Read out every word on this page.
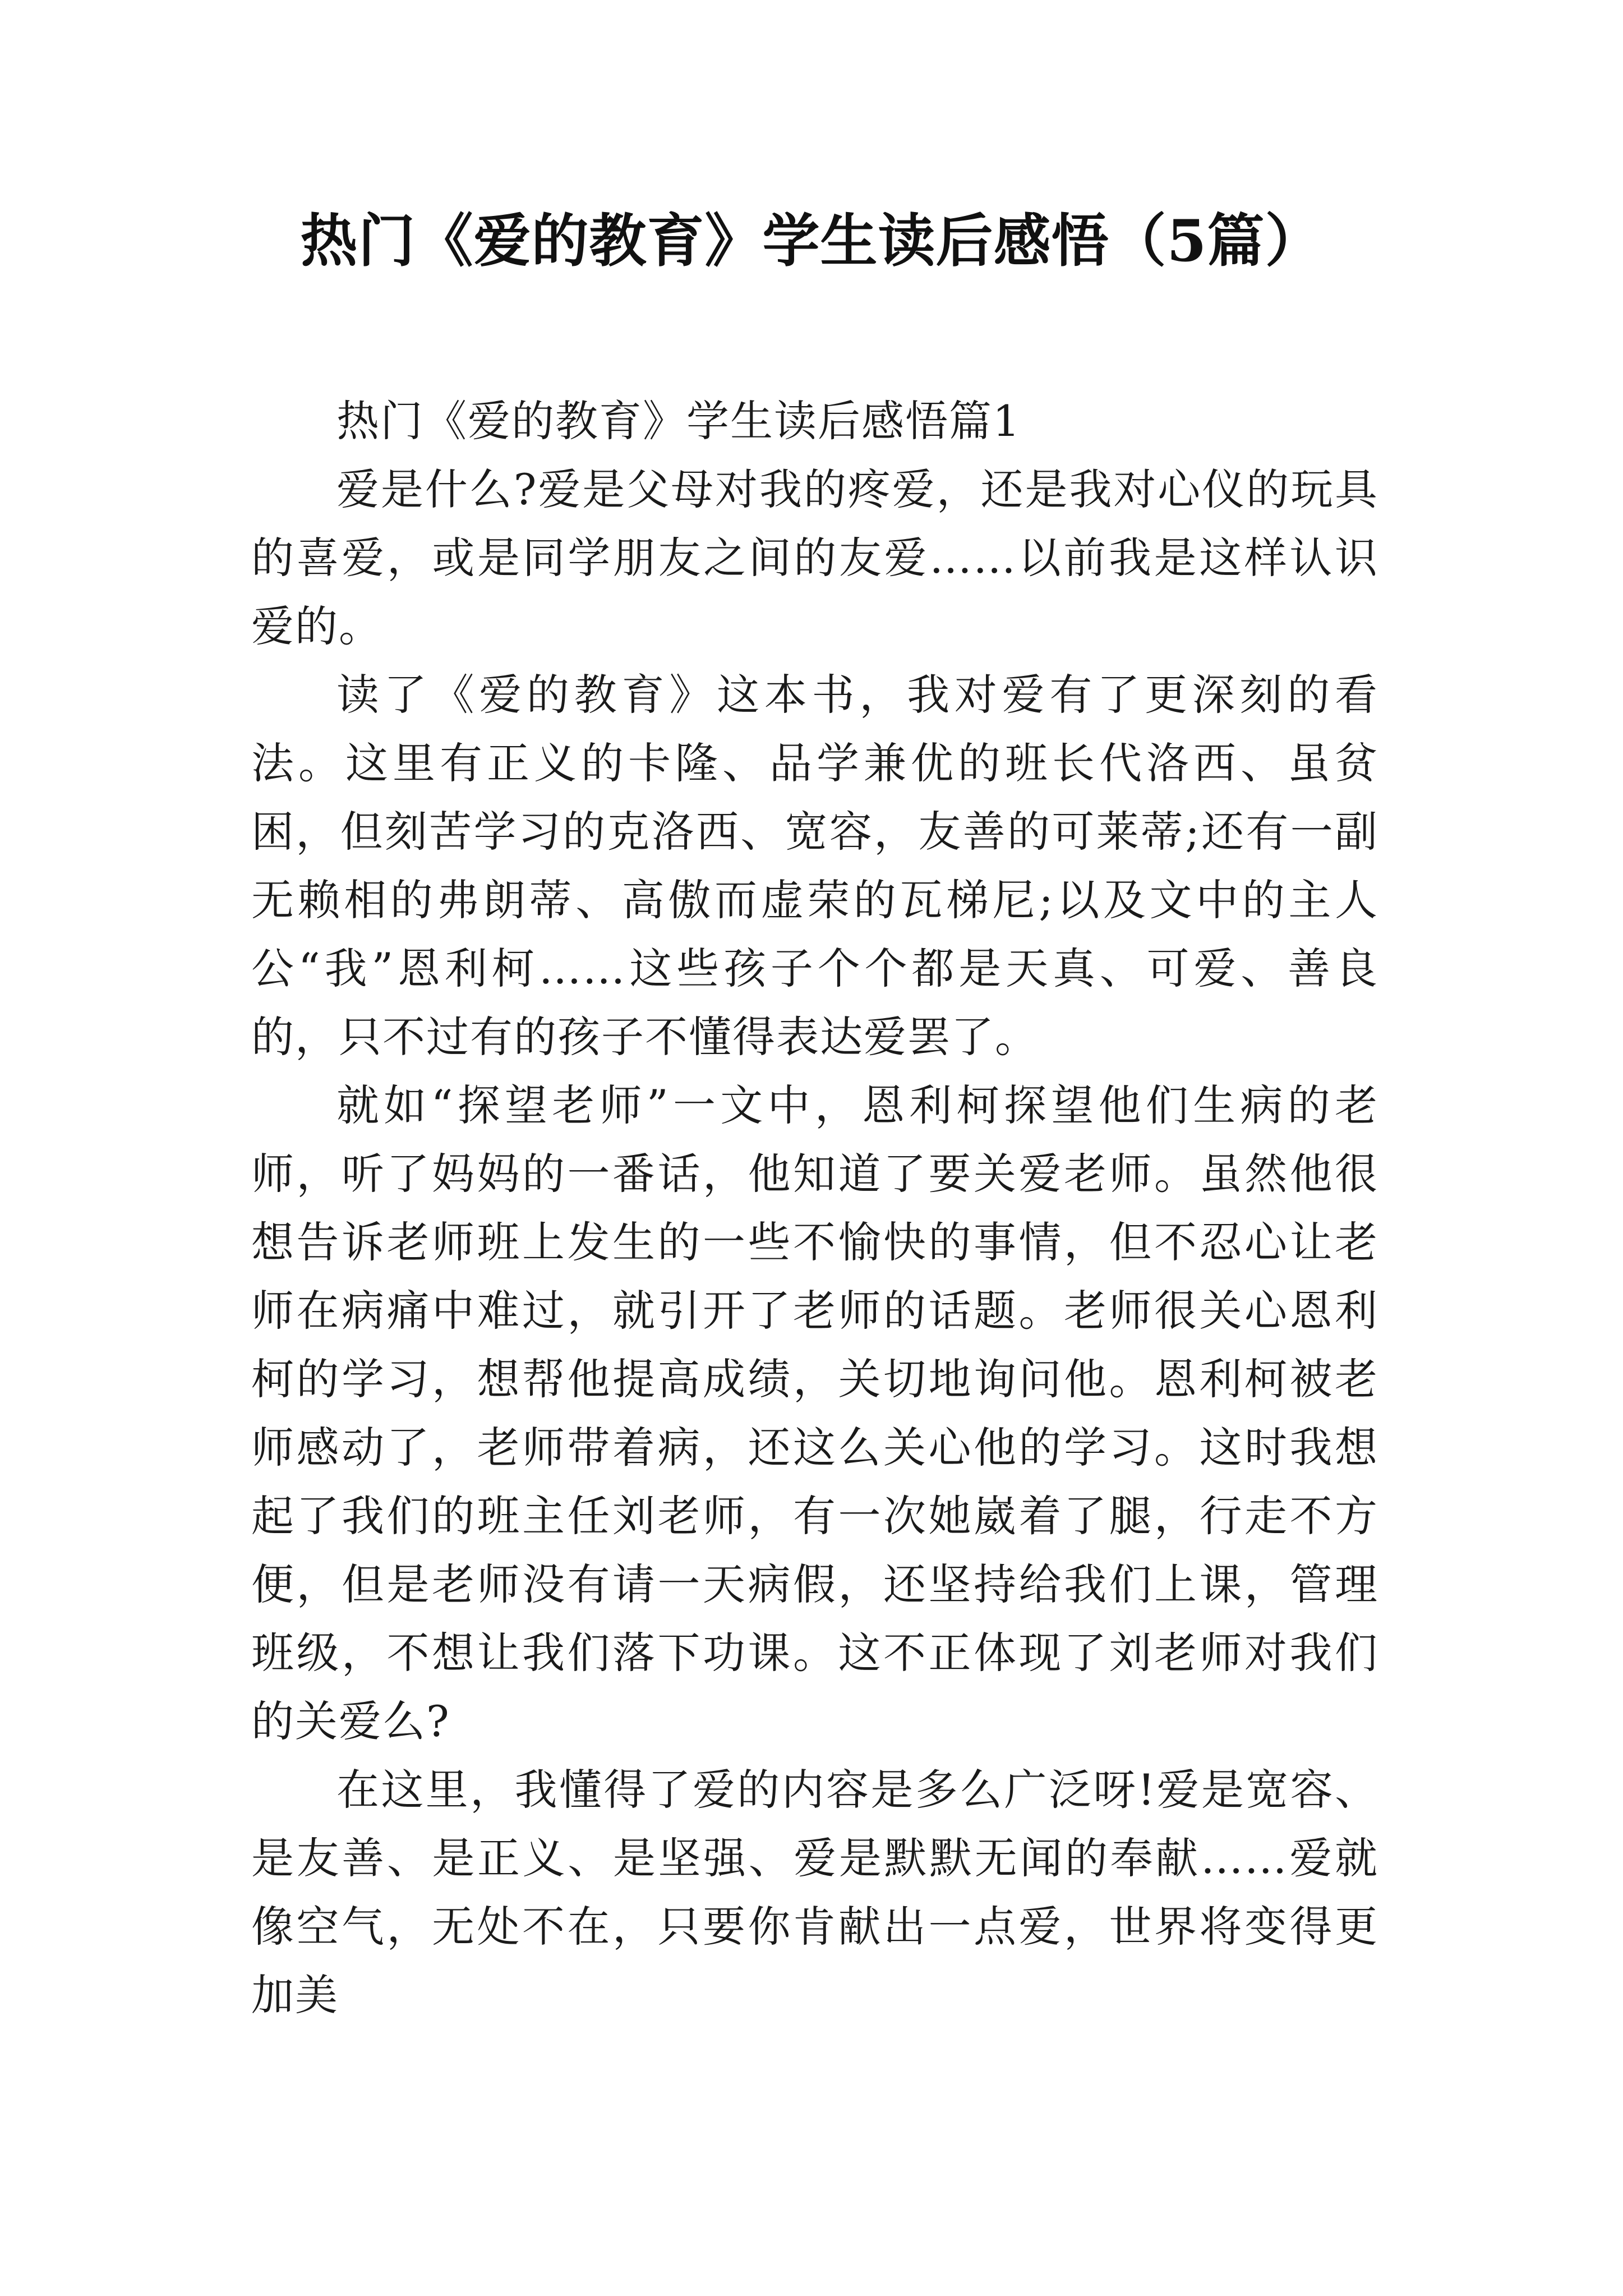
热门《爱的教育》学生读后感悟（5篇）

热门《爱的教育》学生读后感悟篇1

爱是什么?爱是父母对我的疼爱，还是我对心仪的玩具的喜爱，或是同学朋友之间的友爱……以前我是这样认识爱的。

读了《爱的教育》这本书，我对爱有了更深刻的看法。这里有正义的卡隆、品学兼优的班长代洛西、虽贫困，但刻苦学习的克洛西、宽容，友善的可莱蒂;还有一副无赖相的弗朗蒂、高傲而虚荣的瓦梯尼;以及文中的主人公“我”恩利柯……这些孩子个个都是天真、可爱、善良的，只不过有的孩子不懂得表达爱罢了。

就如“探望老师”一文中，恩利柯探望他们生病的老师，听了妈妈的一番话，他知道了要关爱老师。虽然他很想告诉老师班上发生的一些不愉快的事情，但不忍心让老师在病痛中难过，就引开了老师的话题。老师很关心恩利柯的学习，想帮他提高成绩，关切地询问他。恩利柯被老师感动了，老师带着病，还这么关心他的学习。这时我想起了我们的班主任刘老师，有一次她崴着了腿，行走不方便，但是老师没有请一天病假，还坚持给我们上课，管理班级，不想让我们落下功课。这不正体现了刘老师对我们的关爱么?

在这里，我懂得了爱的内容是多么广泛呀!爱是宽容、是友善、是正义、是坚强、爱是默默无闻的奉献……爱就像空气，无处不在，只要你肯献出一点爱，世界将变得更加美
